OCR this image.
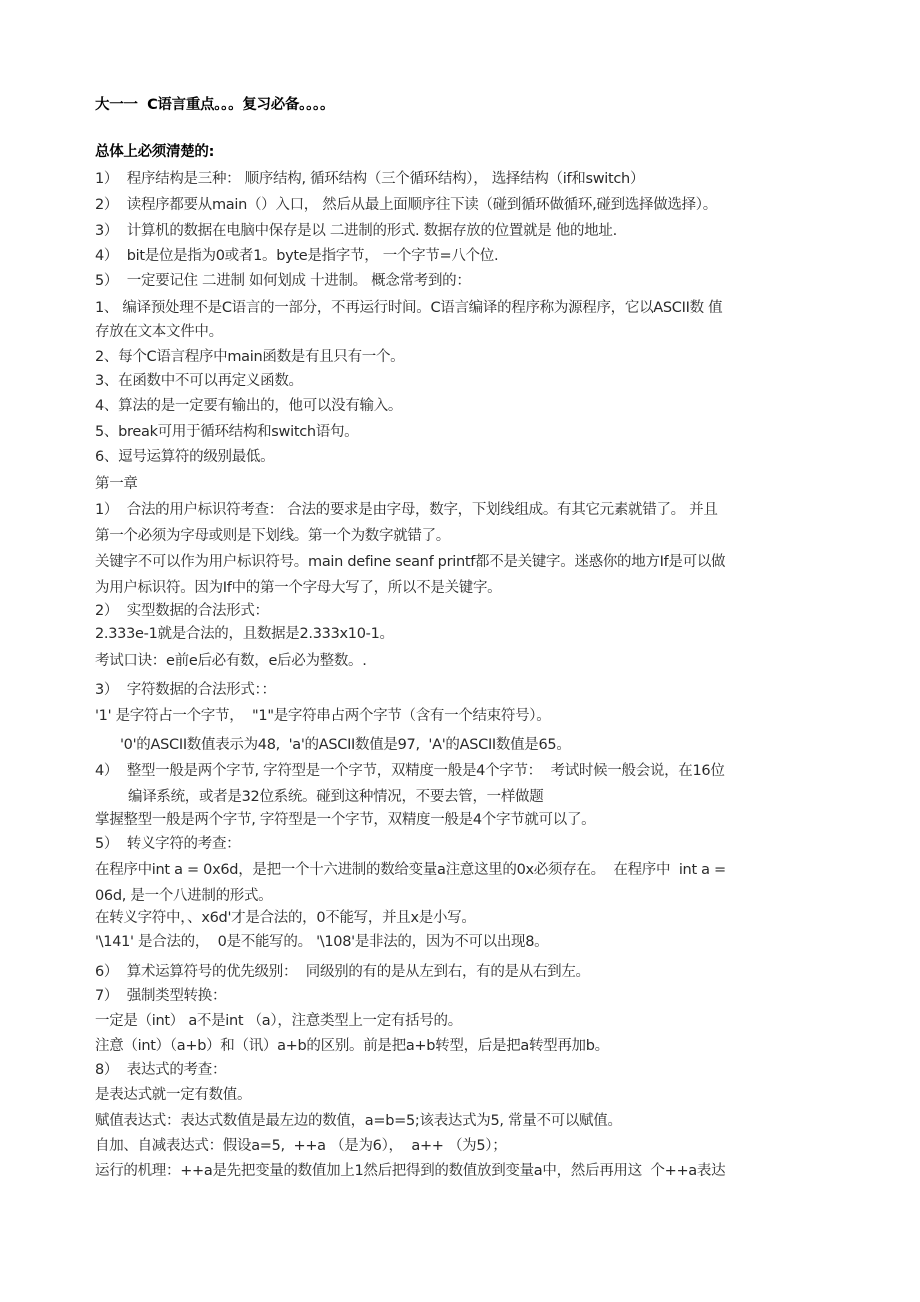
大一一  C语言重点。。。复习必备。。。。
总体上必须清楚的:
1）  程序结构是三种： 顺序结构, 循环结构（三个循环结构）， 选择结构（if和switch）
2）  读程序都要从main（）入口， 然后从最上面顺序往下读（碰到循环做循环,碰到选择做选择）。
3）  计算机的数据在电脑中保存是以 二进制的形式. 数据存放的位置就是 他的地址.
4）  bit是位是指为0或者1。byte是指字节， 一个字节=八个位.
5）  一定要记住 二进制 如何划成 十进制。 概念常考到的：
1、 编译预处理不是C语言的一部分，不再运行时间。C语言编译的程序称为源程序，它以ASCII数 值
存放在文本文件中。
2、每个C语言程序中main函数是有且只有一个。
3、在函数中不可以再定义函数。
4、算法的是一定要有输出的，他可以没有输入。
5、break可用于循环结构和switch语句。
6、逗号运算符的级别最低。
第一章
1）  合法的用户标识符考查： 合法的要求是由字母，数字，下划线组成。有其它元素就错了。 并且
第一个必须为字母或则是下划线。第一个为数字就错了。
关键字不可以作为用户标识符号。main define seanf printf都不是关键字。迷惑你的地方If是可以做
为用户标识符。因为If中的第一个字母大写了，所以不是关键字。
2）  实型数据的合法形式：
2.333e-1就是合法的，且数据是2.333x10-1。
考试口诀：e前e后必有数，e后必为整数。.
3）  字符数据的合法形式：：
'1' 是字符占一个字节，  "1"是字符串占两个字节（含有一个结束符号）。
'0'的ASCII数值表示为48,  'a'的ASCII数值是97,  'A'的ASCII数值是65。
4）  整型一般是两个字节, 字符型是一个字节，双精度一般是4个字节：  考试时候一般会说，在16位
编译系统，或者是32位系统。碰到这种情况，不要去管，一样做题
掌握整型一般是两个字节, 字符型是一个字节，双精度一般是4个字节就可以了。
5）  转义字符的考查：
在程序中int a = 0x6d，是把一个十六进制的数给变量a注意这里的0x必须存在。  在程序中  int a =
06d, 是一个八进制的形式。
在转义字符中，、x6d'才是合法的，0不能写，并且x是小写。
'\141' 是合法的，  0是不能写的。 '\108'是非法的，因为不可以出现8。
6）  算术运算符号的优先级别：  同级别的有的是从左到右，有的是从右到左。
7）  强制类型转换：
一定是（int） a不是int （a），注意类型上一定有括号的。
注意（int）（a+b）和（讯）a+b的区别。前是把a+b转型，后是把a转型再加b。
8）  表达式的考查：
是表达式就一定有数值。
赋值表达式：表达式数值是最左边的数值，a=b=5;该表达式为5, 常量不可以赋值。
自加、自减表达式：假设a=5,  ++a （是为6），  a++ （为5）；
运行的机理：++a是先把变量的数值加上1然后把得到的数值放到变量a中，然后再用这  个++a表达
